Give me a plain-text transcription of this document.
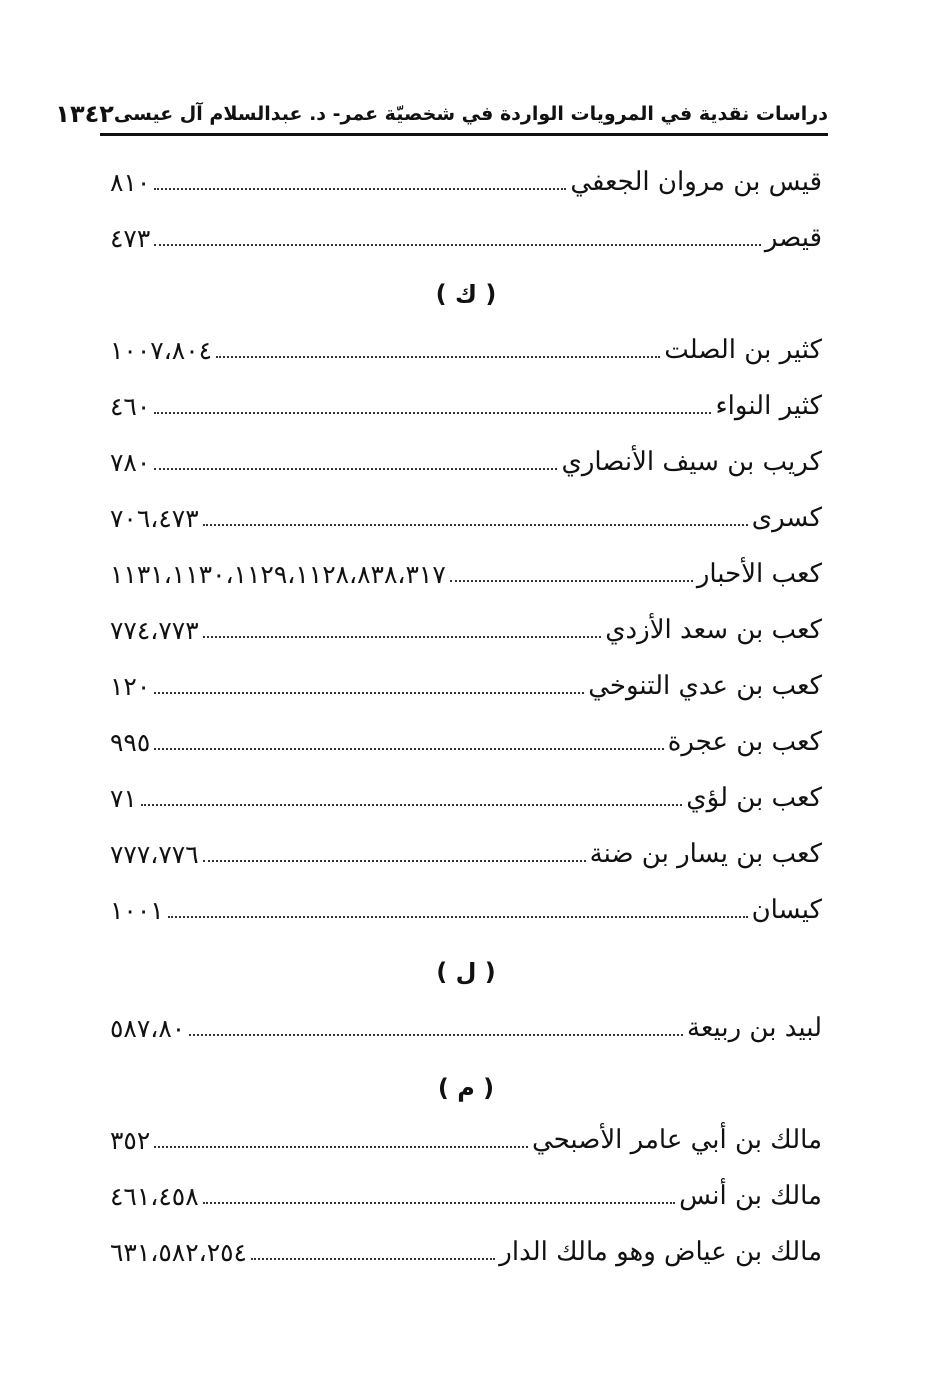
دراسات نقدية في المرويات الواردة في شخصيّة عمر- د. عبدالسلام آل عيسى
١٣٤٢
قيس بن مروان الجعفي
٨١٠
قيصر
٤٧٣
( ك )
كثير بن الصلت
١٠٠٧،٨٠٤
كثير النواء
٤٦٠
كريب بن سيف الأنصاري
٧٨٠
كسرى
٧٠٦،٤٧٣
كعب الأحبار
١١٣١،١١٣٠،١١٢٩،١١٢٨،٨٣٨،٣١٧
كعب بن سعد الأزدي
٧٧٤،٧٧٣
كعب بن عدي التنوخي
١٢٠
كعب بن عجرة
٩٩٥
كعب بن لؤي
٧١
كعب بن يسار بن ضنة
٧٧٧،٧٧٦
كيسان
١٠٠١
( ل )
لبيد بن ربيعة
٥٨٧،٨٠
( م )
مالك بن أبي عامر الأصبحي
٣٥٢
مالك بن أنس
٤٦١،٤٥٨
مالك بن عياض وهو مالك الدار
٦٣١،٥٨٢،٢٥٤
